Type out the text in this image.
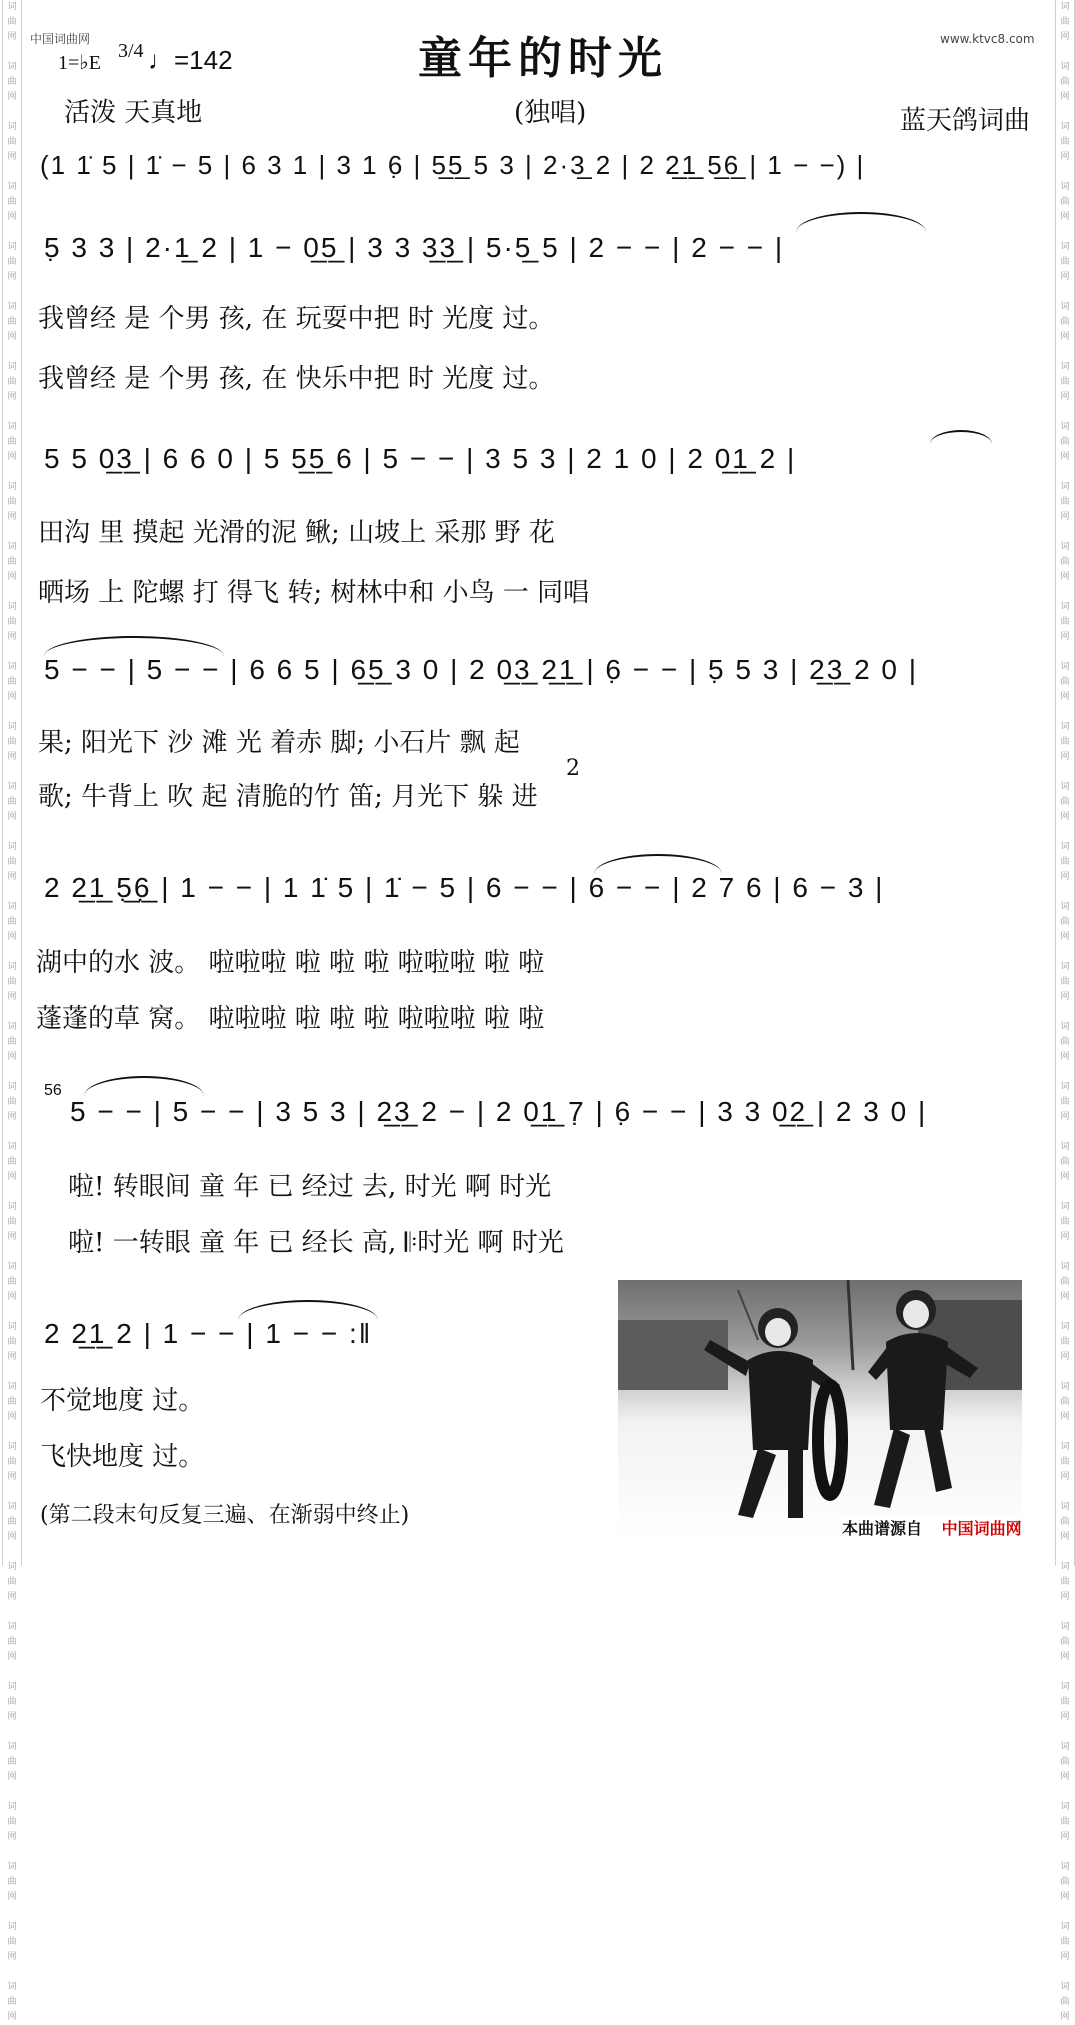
词
曲
网

词
曲
网

词
曲
网

词
曲
网

词
曲
网

词
曲
网

词
曲
网

词
曲
网

词
曲
网

词
曲
网

词
曲
网

词
曲
网

词
曲
网

词
曲
网

词
曲
网

词
曲
网

词
曲
网

词
曲
网

词
曲
网

词
曲
网

词
曲
网

词
曲
网

词
曲
网

词
曲
网

词
曲
网

词
曲
网

词
曲
网

词
曲
网

词
曲
网

词
曲
网

词
曲
网

词
曲
网

词
曲
网

词
曲
网

词
曲
网

词
曲
网

词
曲
网

词
曲
网

词
曲
网

词
曲
网

词
曲
网

词
曲
网

词
曲
网

词
曲
网

词
曲
网

词
曲
网

词
曲
网

词
曲
网

词
曲
网

词
曲
网

词
曲
网

词
曲
网

词
曲
网

词
曲
网

词
曲
网

词
曲
网

词
曲
网

词
曲
网

词
曲
网

词
曲
网

词
曲
网

词
曲
网

词
曲
网

词
曲
网

词
曲
网

词
曲
网

词
曲
网

词
曲
网

中国词曲网	www.ktvc8.com
童年的时光
1=♭E
3/4 ♩=142
活泼 天真地	(独唱)	蓝天鸽词曲
(1 1̇ 5 | 1̇ − 5 | 6 3 1 | 3 1 6̣ | 5̲5̲ 5 3 | 2·3̲ 2 | 2 2̲1̲ 5̲6̲ | 1 − −) |
5̣ 3 3 | 2·1̲ 2 | 1 − 0̲5̲ | 3 3 3̲3̲ | 5·5̲ 5 | 2 − − | 2 − − |
我曾经 是 个男 孩, 在 玩耍中把 时 光度 过。
我曾经 是 个男 孩, 在 快乐中把 时 光度 过。
5 5 0̲3̲ | 6 6 0 | 5 5̲5̲ 6 | 5 − − | 3 5 3 | 2 1 0 | 2 0̲1̲ 2 |
田沟 里 摸起 光滑的泥 鳅; 山坡上 采那 野 花
晒场 上 陀螺 打 得飞 转; 树林中和 小鸟 一 同唱
5 − − | 5 − − | 6 6 5 | 6̲5̲ 3 0 | 2 0̲3̲ 2̲1̲ | 6̣ − − | 5̣ 5 3 | 2̲3̲ 2 0 |
果; 阳光下 沙 滩 光 着赤 脚; 小石片 飘 起
2
歌; 牛背上 吹 起 清脆的竹 笛; 月光下 躲 进
2 2̲1̲ 5̣̲6̣̲ | 1 − − | 1 1̇ 5 | 1̇ − 5 | 6 − − | 6 − − | 2 7 6 | 6 − 3 |
湖中的水 波。 啦啦啦 啦 啦 啦 啦啦啦 啦 啦
蓬蓬的草 窝。 啦啦啦 啦 啦 啦 啦啦啦 啦 啦
56
5 − − | 5 − − | 3 5 3 | 2̲3̲ 2 − | 2 0̲1̲ 7̣ | 6̣ − − | 3 3 0̲2̲ | 2 3 0 |
啦! 转眼间 童 年 已 经过 去, 时光 啊 时光
啦! 一转眼 童 年 已 经长 高, 𝄆时光 啊 时光
2 2̲1̲ 2 | 1 − − | 1 − − :‖
不觉地度 过。
飞快地度 过。
(第二段末句反复三遍、在渐弱中终止)
本曲谱源自 中国词曲网
